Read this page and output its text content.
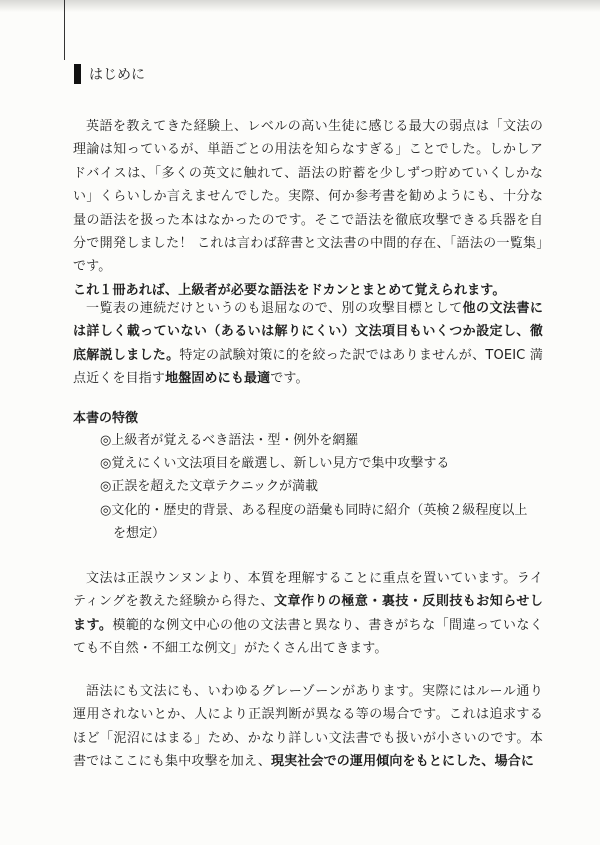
はじめに

英語を教えてきた経験上、レベルの高い生徒に感じる最大の弱点は「文法の理論は知っているが、単語ごとの用法を知らなすぎる」ことでした。しかしアドバイスは、「多くの英文に触れて、語法の貯蓄を少しずつ貯めていくしかない」くらいしか言えませんでした。実際、何か参考書を勧めようにも、十分な量の語法を扱った本はなかったのです。そこで語法を徹底攻撃できる兵器を自分で開発しました！ これは言わば辞書と文法書の中間的存在、「語法の一覧集」です。
これ１冊あれば、上級者が必要な語法をドカンとまとめて覚えられます。

一覧表の連続だけというのも退屈なので、別の攻撃目標として他の文法書には詳しく載っていない（あるいは解りにくい）文法項目もいくつか設定し、徹底解説しました。特定の試験対策に的を絞った訳ではありませんが、TOEIC 満点近くを目指す地盤固めにも最適です。

本書の特徴
◎上級者が覚えるべき語法・型・例外を網羅
◎覚えにくい文法項目を厳選し、新しい見方で集中攻撃する
◎正誤を超えた文章テクニックが満載
◎文化的・歴史的背景、ある程度の語彙も同時に紹介（英検２級程度以上
を想定）

文法は正誤ウンヌンより、本質を理解することに重点を置いています。ライティングを教えた経験から得た、文章作りの極意・裏技・反則技もお知らせします。模範的な例文中心の他の文法書と異なり、書きがちな「間違っていなくても不自然・不細工な例文」がたくさん出てきます。

語法にも文法にも、いわゆるグレーゾーンがあります。実際にはルール通り運用されないとか、人により正誤判断が異なる等の場合です。これは追求するほど「泥沼にはまる」ため、かなり詳しい文法書でも扱いが小さいのです。本書ではここにも集中攻撃を加え、現実社会での運用傾向をもとにした、場合に
